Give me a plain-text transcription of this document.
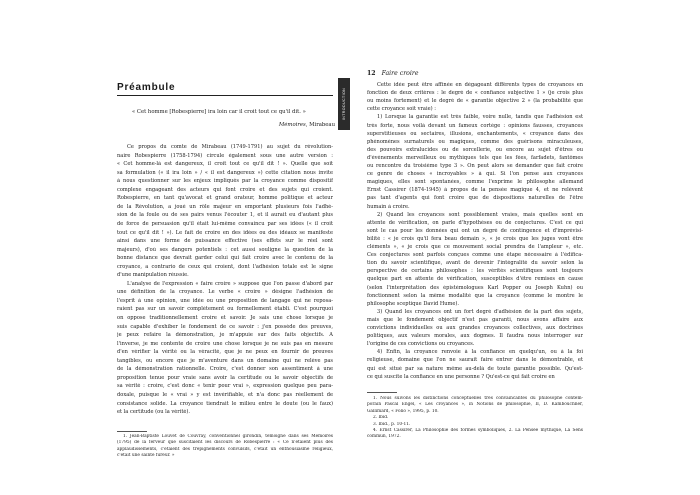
Préambule
« Cet homme [Robespierre] ira loin car il croit tout ce qu'il dit. »
Mémoires, Mirabeau
Ce propos du comte de Mirabeau (1749-1791) au sujet du révolution-
naire Robespierre (1758-1794) circule également sous une autre version :
« Cet homme-là est dangereux, il croit tout ce qu'il dit ! ». Quelle que soit
sa formulation (« il ira loin » / « il est dangereux ») cette citation nous invite
à nous questionner sur les enjeux impliqués par la croyance comme dispositif
complexe engageant des acteurs qui font croire et des sujets qui croient.
Robespierre, en tant qu'avocat et grand orateur, homme politique et acteur
de la Révolution, a joué un rôle majeur en emportant plusieurs fois l'adhé-
sion de la foule ou de ses pairs venus l'écouter 1, et il aurait eu d'autant plus
de force de persuasion qu'il était lui-même convaincu par ses idées (« il croit
tout ce qu'il dit ! »). Le fait de croire en des idées ou des idéaux se manifeste
ainsi dans une forme de puissance effective (ses effets sur le réel sont
majeurs), d'où ses dangers potentiels : cet aussi souligne la question de la
bonne distance que devrait garder celui qui fait croire avec le contenu de la
croyance, a contrario de ceux qui croient, dont l'adhésion totale est le signe
d'une manipulation réussie.
L'analyse de l'expression « faire croire » suppose que l'on passe d'abord par
une définition de la croyance. Le verbe « croire » désigne l'adhésion de
l'esprit à une opinion, une idée ou une proposition de langage qui ne reposa-
raient pas sur un savoir complètement ou formellement établi. C'est pourquoi
on oppose traditionnellement croire et savoir. Je sais une chose lorsque je
suis capable d'exhiber le fondement de ce savoir : j'en possède des preuves,
je peux refaire la démonstration, je m'appuie sur des faits objectifs. À
l'inverse, je me contente de croire une chose lorsque je ne suis pas en mesure
d'en vérifier la vérité ou la véracité, que je ne peux en fournir de preuves
tangibles, ou encore que je m'aventure dans un domaine qui ne relève pas
de la démonstration rationnelle. Croire, c'est donner son assentiment à une
proposition tenue pour vraie sans avoir la certitude ou le savoir objectifs de
sa vérité : croire, c'est donc « tenir pour vrai », expression quelque peu para-
doxale, puisque le « vrai » y est invérifiable, et n'a donc pas réellement de
consistance solide. La croyance tiendrait le milieu entre le doute (ou le faux)
et la certitude (ou la vérité).
1. Jean-Baptiste Louvet de Couvray, conventionnel girondin, témoigne dans ses Mémoires
(1795) de la ferveur que suscitaient les discours de Robespierre : « Ce n'étaient plus des
applaudissements, c'étaient des trépignements convulsifs, c'était un enthousiasme religieux,
c'était une sainte fureur. »
12 Faire croire
Cette idée peut être affinée en dégageant différents types de croyances en
fonction de deux critères : le degré de « confiance subjective 1 » (je crois plus
ou moins fortement) et le degré de « garantie objective 2 » (la probabilité que
cette croyance soit vraie) :
1) Lorsque la garantie est très faible, voire nulle, tandis que l'adhésion est
très forte, nous voilà devant un fameux cortège : opinions fausses, croyances
superstitieuses ou sectaires, illusions, enchantements, « croyance dans des
phénomènes surnaturels ou magiques, comme des guérisons miraculeuses,
des pouvoirs extralucides ou de sorcellerie, ou encore au sujet d'êtres ou
d'événements merveilleux ou mythiques tels que les fées, farfadets, fantômes
ou rencontre du troisième type 3 ». On peut alors se demander que fait croire
ce genre de choses « incroyables » à qui. Si l'on pense aux croyances
magiques, elles sont spontanées, comme l'exprime le philosophe allemand
Ernst Cassirer (1874-1945) à propos de la pensée magique 4, et ne relèvent
pas tant d'agents qui font croire que de dispositions naturelles de l'être
humain à croire.
2) Quand les croyances sont possiblement vraies, mais quelles sont en
attente de vérification, on parle d'hypothèses ou de conjectures. C'est ce qui
sont le cas pour les données qui ont un degré de contingence et d'imprévisi-
bilité : « je crois qu'il fera beau demain », « je crois que les juges vont être
cléments », « je crois que ce mouvement social prendra de l'ampleur », etc.
Ces conjectures sont parfois conçues comme une étape nécessaire à l'édifica-
tion du savoir scientifique, avant de devenir l'intégralité du savoir selon la
perspective de certains philosophes : les vérités scientifiques sont toujours
quelque part en attente de vérification, susceptibles d'être remises en cause
(selon l'interprétation des épistémologues Karl Popper ou Joseph Kuhn) ou
fonctionnent selon la même modalité que la croyance (comme le montre le
philosophe sceptique David Hume).
3) Quand les croyances ont un fort degré d'adhésion de la part des sujets,
mais que le fondement objectif n'est pas garanti, nous avons affaire aux
convictions individuelles ou aux grandes croyances collectives, aux doctrines
politiques, aux valeurs morales, aux dogmes. Il faudra nous interroger sur
l'origine de ces convictions ou croyances.
4) Enfin, la croyance renvoie à la confiance en quelqu'un, ou à la foi
religieuse, domaine que l'on ne saurait faire entrer dans le démontrable, et
qui est situé par sa nature même au-delà de toute garantie possible. Qu'est-
ce qui suscite la confiance en une personne ? Qu'est-ce qui fait croire en
1. Nous suivons les distinctions conceptuelles très convaincantes du philosophe contem-
porain Pascal Engel, « Les croyances », in Notions de philosophie, II, D. Kambouchner,
Gallimard, « Folio », 1995, p. 10.
2. Ibid.
3. Ibid., p. 10-11.
4. Ernst Cassirer, La Philosophie des formes symboliques, 2. La Pensée mythique, La Sens
commun, 1972.
INTRODUCTION
